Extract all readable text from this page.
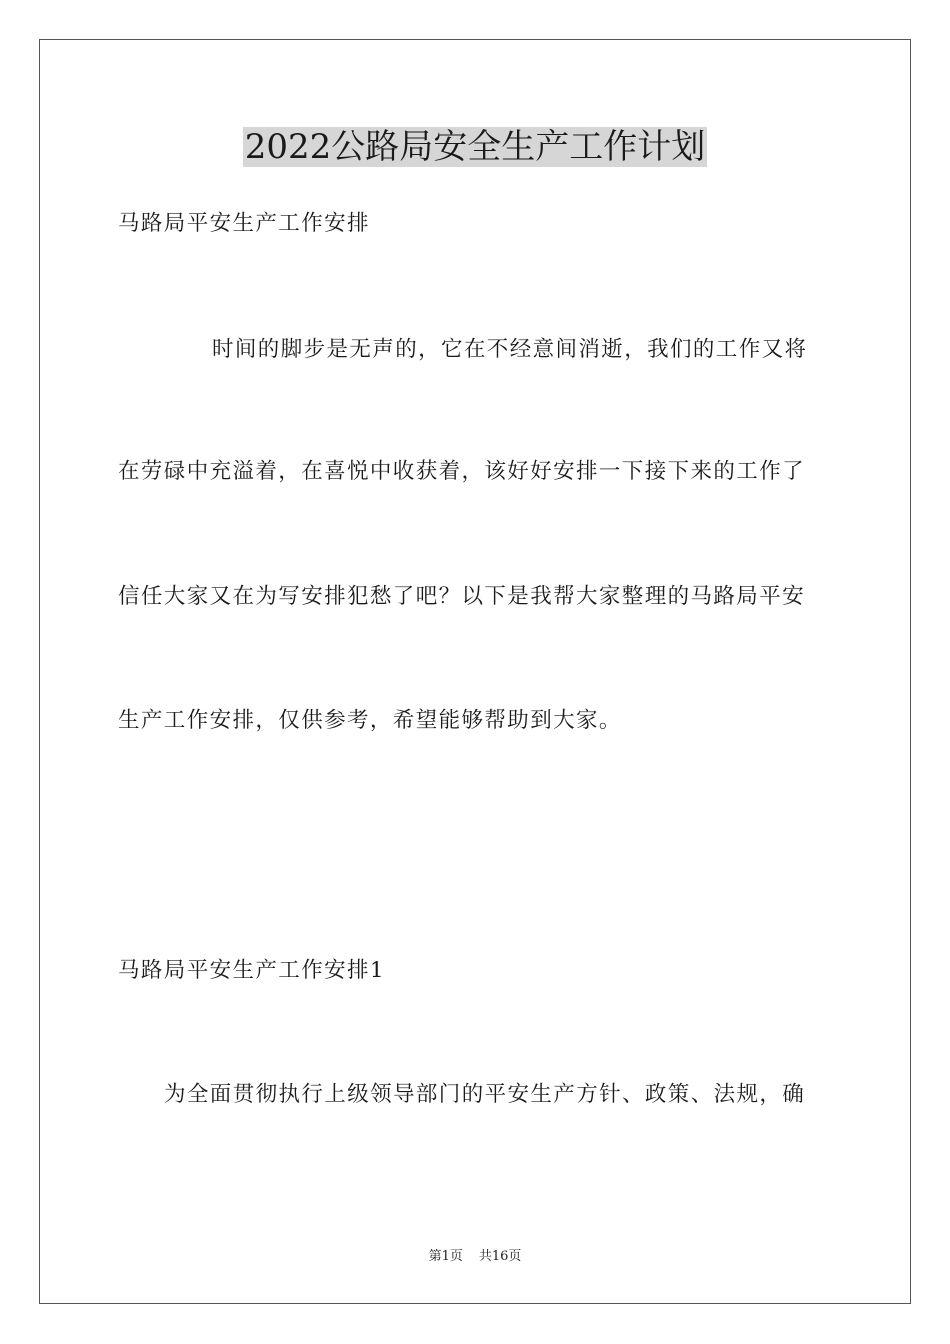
2022公路局安全生产工作计划
马路局平安生产工作安排
时间的脚步是无声的，它在不经意间消逝，我们的工作又将
在劳碌中充溢着，在喜悦中收获着，该好好安排一下接下来的工作了
信任大家又在为写安排犯愁了吧？以下是我帮大家整理的马路局平安
生产工作安排，仅供参考，希望能够帮助到大家。
马路局平安生产工作安排1
为全面贯彻执行上级领导部门的平安生产方针、政策、法规，确
第1页 共16页
